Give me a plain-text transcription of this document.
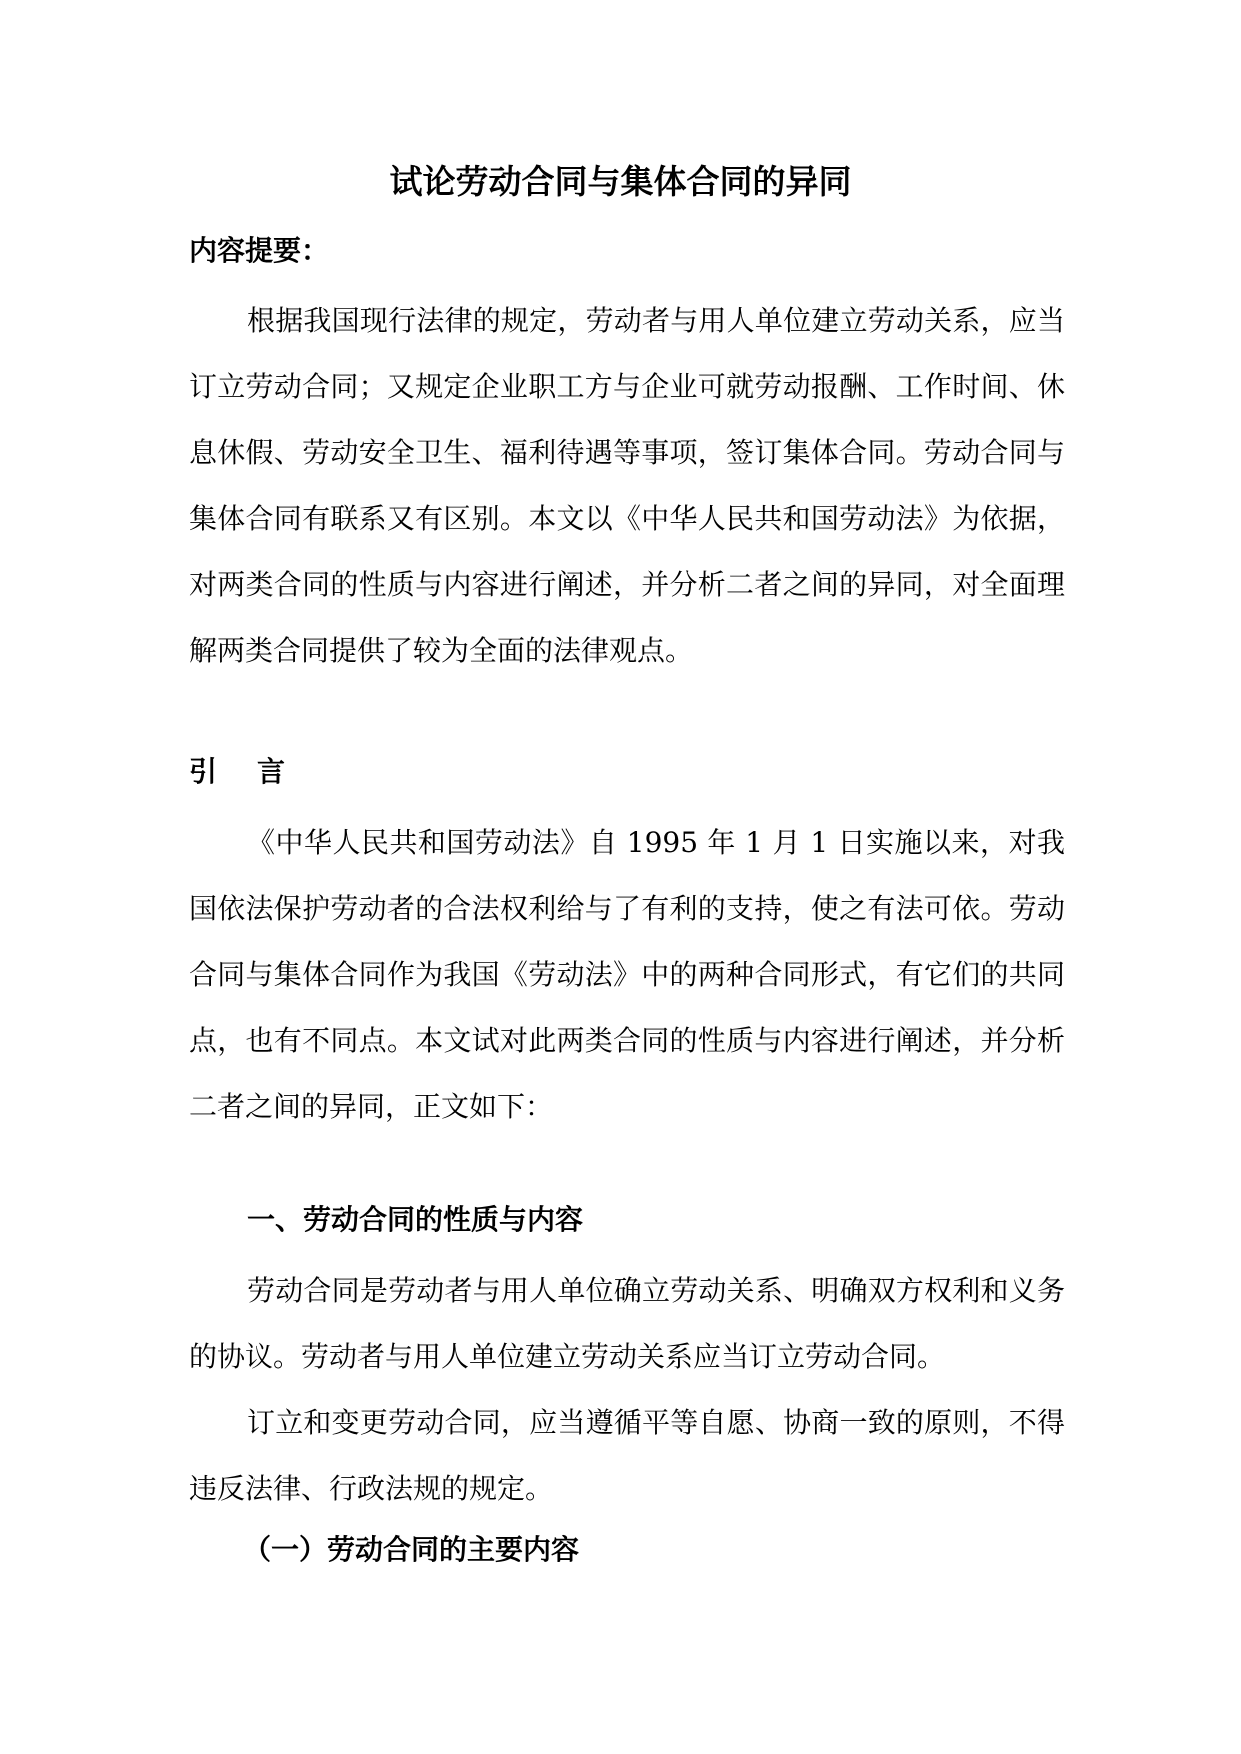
试论劳动合同与集体合同的异同
内容提要：

根据我国现行法律的规定，劳动者与用人单位建立劳动关系，应当订立劳动合同；又规定企业职工方与企业可就劳动报酬、工作时间、休息休假、劳动安全卫生、福利待遇等事项，签订集体合同。劳动合同与集体合同有联系又有区别。本文以《中华人民共和国劳动法》为依据，对两类合同的性质与内容进行阐述，并分析二者之间的异同，对全面理解两类合同提供了较为全面的法律观点。

引言

《中华人民共和国劳动法》自 1995 年 1 月 1 日实施以来，对我国依法保护劳动者的合法权利给与了有利的支持，使之有法可依。劳动合同与集体合同作为我国《劳动法》中的两种合同形式，有它们的共同点，也有不同点。本文试对此两类合同的性质与内容进行阐述，并分析二者之间的异同，正文如下：

一、劳动合同的性质与内容

劳动合同是劳动者与用人单位确立劳动关系、明确双方权利和义务的协议。劳动者与用人单位建立劳动关系应当订立劳动合同。

订立和变更劳动合同，应当遵循平等自愿、协商一致的原则，不得违反法律、行政法规的规定。

（一）劳动合同的主要内容
